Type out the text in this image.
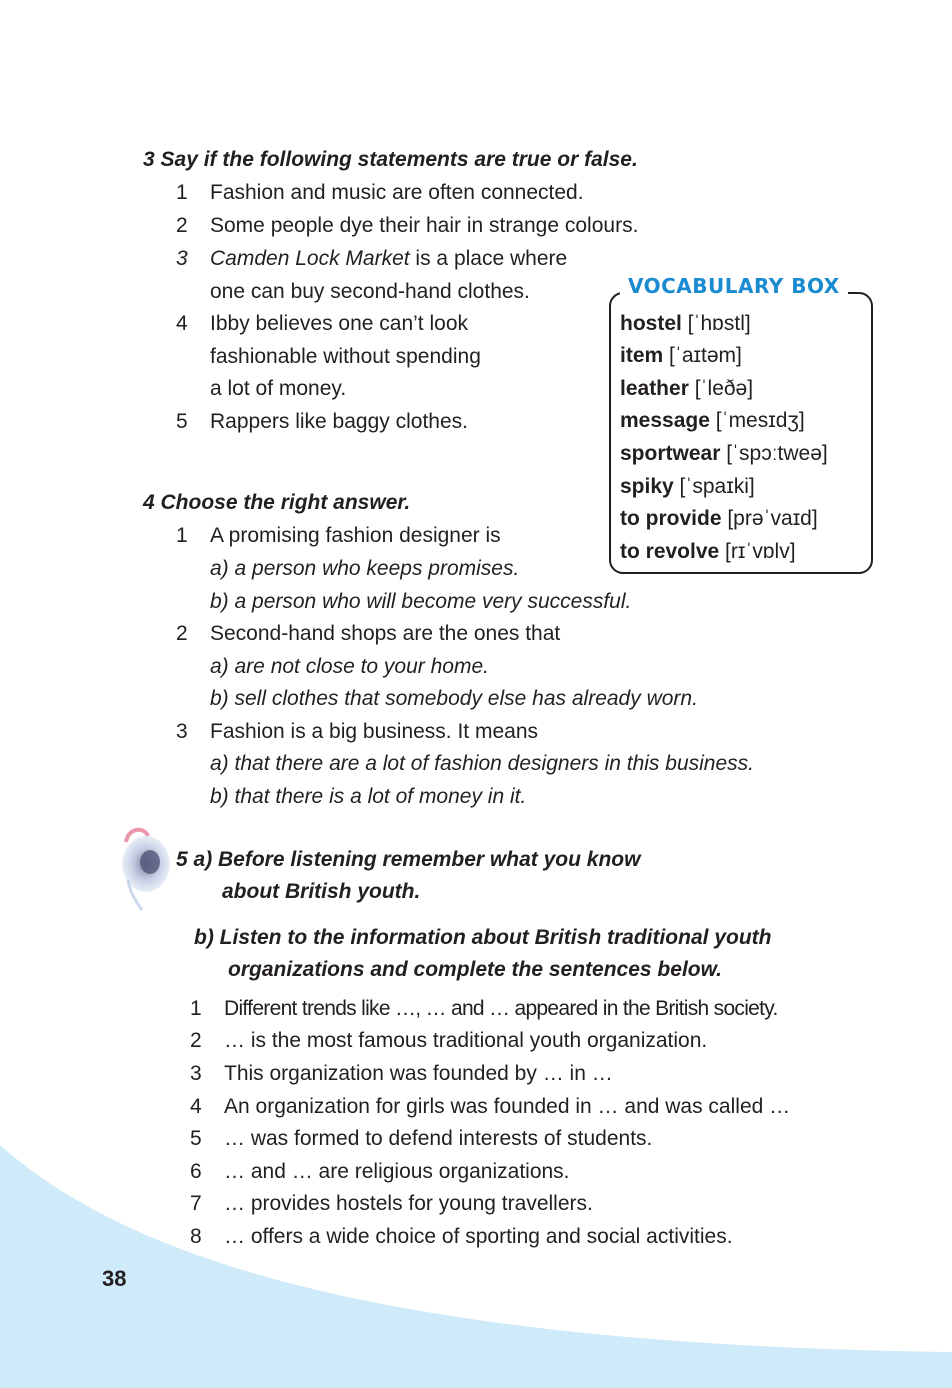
3 Say if the following statements are true or false.
1 Fashion and music are often connected.
2 Some people dye their hair in strange colours.
3 Camden Lock Market is a place where
one can buy second-hand clothes.
4 Ibby believes one can’t look
fashionable without spending
a lot of money.
5 Rappers like baggy clothes.
VOCABULARY BOX
hostel [ˈhɒstl]
item [ˈaɪtəm]
leather [ˈleðə]
message [ˈmesɪdʒ]
sportwear [ˈspɔːtweə]
spiky [ˈspaɪki]
to provide [prəˈvaɪd]
to revolve [rɪˈvɒlv]
4 Choose the right answer.
1 A promising fashion designer is
a) a person who keeps promises.
b) a person who will become very successful.
2 Second-hand shops are the ones that
a) are not close to your home.
b) sell clothes that somebody else has already worn.
3 Fashion is a big business. It means
a) that there are a lot of fashion designers in this business.
b) that there is a lot of money in it.
5 a) Before listening remember what you know
about British youth.
b) Listen to the information about British traditional youth
organizations and complete the sentences below.
1 Different trends like …, … and … appeared in the British society.
2 … is the most famous traditional youth organization.
3 This organization was founded by … in …
4 An organization for girls was founded in … and was called …
5 … was formed to defend interests of students.
6 … and … are religious organizations.
7 … provides hostels for young travellers.
8 … offers a wide choice of sporting and social activities.
38
